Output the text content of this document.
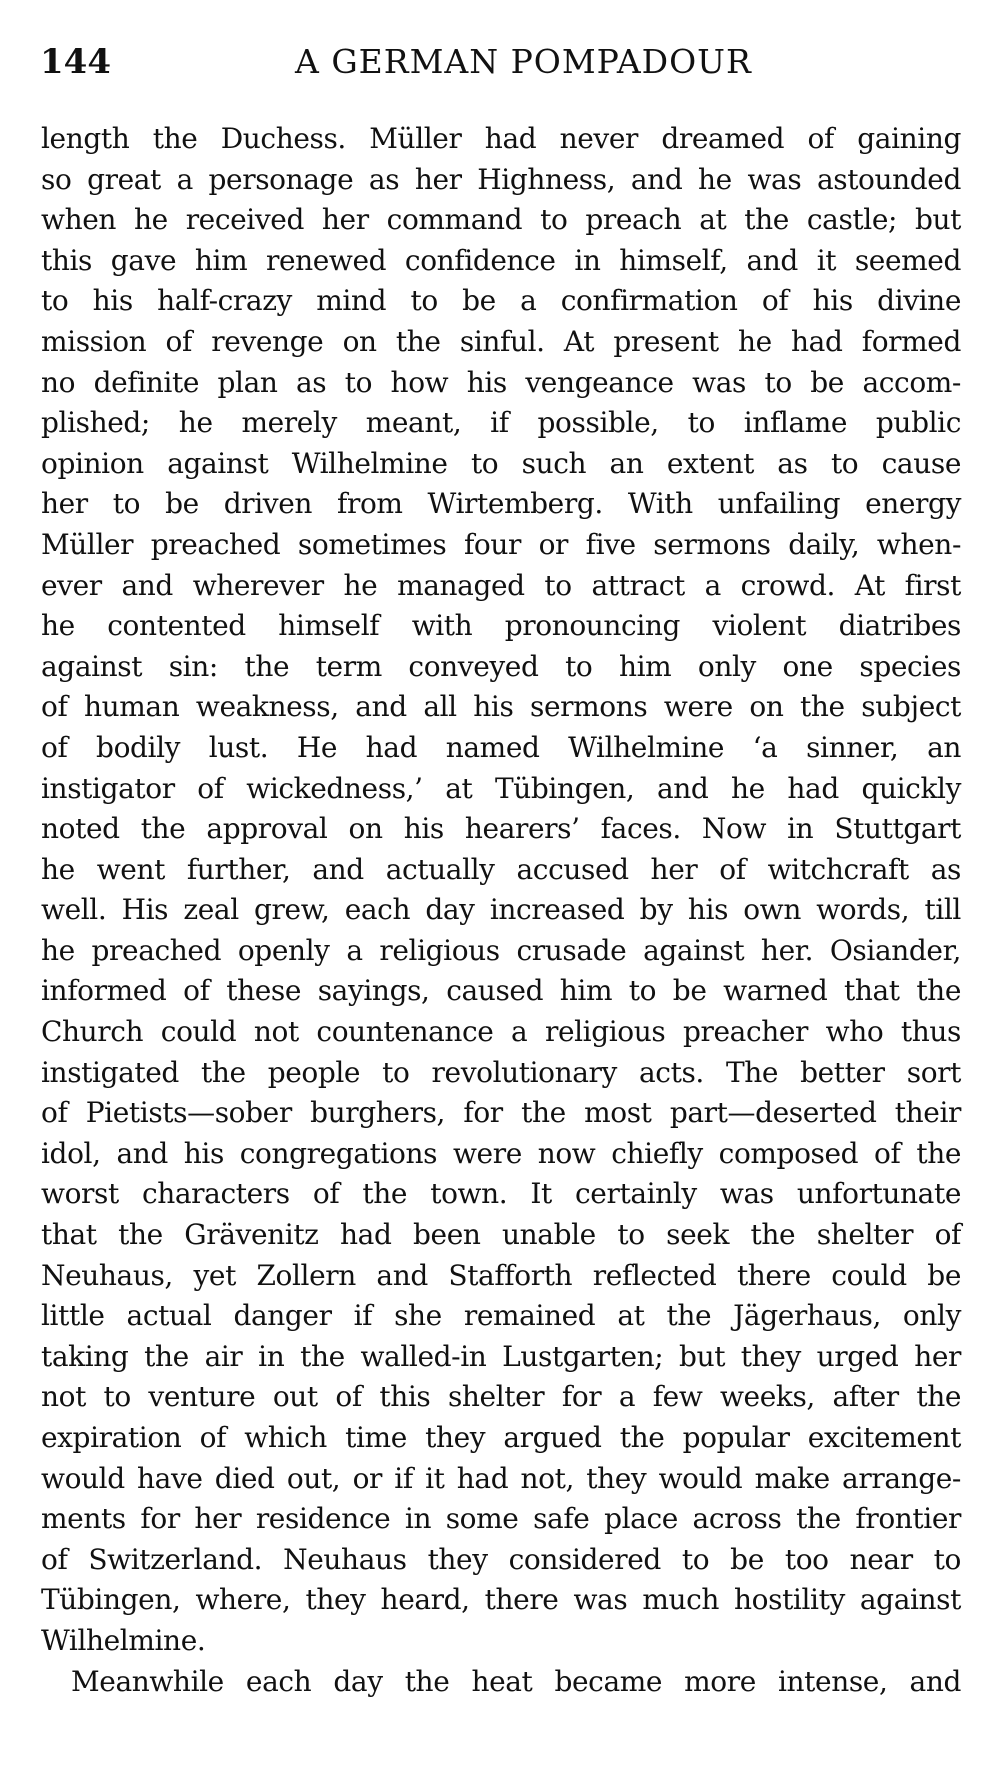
144	A GERMAN POMPADOUR
length the Duchess. Müller had never dreamed of gaining
so great a personage as her Highness, and he was astounded
when he received her command to preach at the castle; but
this gave him renewed confidence in himself, and it seemed
to his half-crazy mind to be a confirmation of his divine
mission of revenge on the sinful. At present he had formed
no definite plan as to how his vengeance was to be accom-
plished; he merely meant, if possible, to inflame public
opinion against Wilhelmine to such an extent as to cause
her to be driven from Wirtemberg. With unfailing energy
Müller preached sometimes four or five sermons daily, when-
ever and wherever he managed to attract a crowd. At first
he contented himself with pronouncing violent diatribes
against sin: the term conveyed to him only one species
of human weakness, and all his sermons were on the subject
of bodily lust. He had named Wilhelmine ‘a sinner, an
instigator of wickedness,’ at Tübingen, and he had quickly
noted the approval on his hearers’ faces. Now in Stuttgart
he went further, and actually accused her of witchcraft as
well. His zeal grew, each day increased by his own words, till
he preached openly a religious crusade against her. Osiander,
informed of these sayings, caused him to be warned that the
Church could not countenance a religious preacher who thus
instigated the people to revolutionary acts. The better sort
of Pietists—sober burghers, for the most part—deserted their
idol, and his congregations were now chiefly composed of the
worst characters of the town. It certainly was unfortunate
that the Grävenitz had been unable to seek the shelter of
Neuhaus, yet Zollern and Stafforth reflected there could be
little actual danger if she remained at the Jägerhaus, only
taking the air in the walled-in Lustgarten; but they urged her
not to venture out of this shelter for a few weeks, after the
expiration of which time they argued the popular excitement
would have died out, or if it had not, they would make arrange-
ments for her residence in some safe place across the frontier
of Switzerland. Neuhaus they considered to be too near to
Tübingen, where, they heard, there was much hostility against
Wilhelmine.
Meanwhile each day the heat became more intense, and
